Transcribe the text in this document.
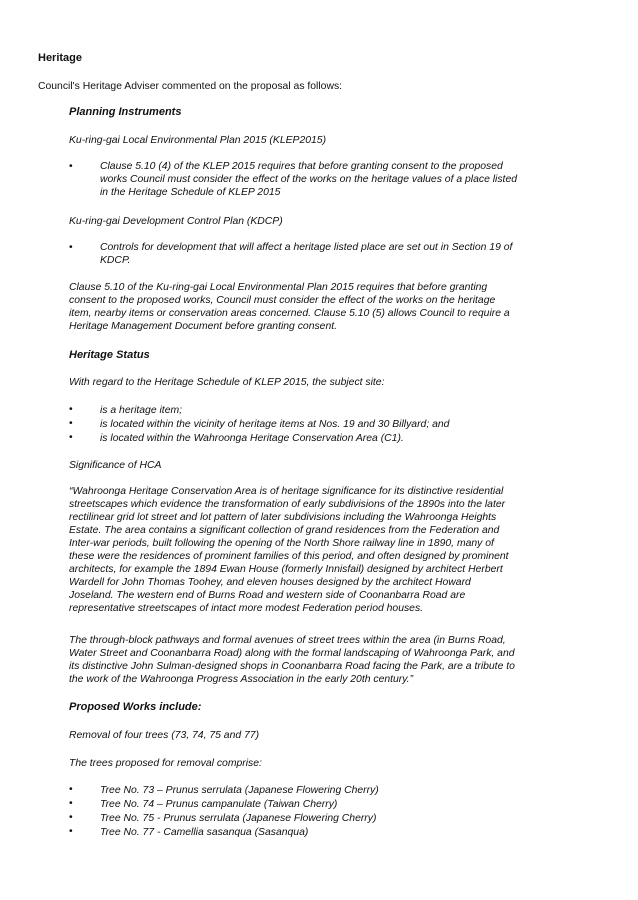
Heritage
Council's Heritage Adviser commented on the proposal as follows:
Planning Instruments
Ku-ring-gai Local Environmental Plan 2015 (KLEP2015)
•	Clause 5.10 (4) of the KLEP 2015 requires that before granting consent to the proposed
works Council must consider the effect of the works on the heritage values of a place listed
in the Heritage Schedule of KLEP 2015
Ku-ring-gai Development Control Plan (KDCP)
•	Controls for development that will affect a heritage listed place are set out in Section 19 of
KDCP.
Clause 5.10 of the Ku-ring-gai Local Environmental Plan 2015 requires that before granting
consent to the proposed works, Council must consider the effect of the works on the heritage
item, nearby items or conservation areas concerned. Clause 5.10 (5) allows Council to require a
Heritage Management Document before granting consent.
Heritage Status
With regard to the Heritage Schedule of KLEP 2015, the subject site:
•	is a heritage item;
•	is located within the vicinity of heritage items at Nos. 19 and 30 Billyard; and
•	is located within the Wahroonga Heritage Conservation Area (C1).
Significance of HCA
“Wahroonga Heritage Conservation Area is of heritage significance for its distinctive residential
streetscapes which evidence the transformation of early subdivisions of the 1890s into the later
rectilinear grid lot street and lot pattern of later subdivisions including the Wahroonga Heights
Estate. The area contains a significant collection of grand residences from the Federation and
Inter-war periods, built following the opening of the North Shore railway line in 1890, many of
these were the residences of prominent families of this period, and often designed by prominent
architects, for example the 1894 Ewan House (formerly Innisfail) designed by architect Herbert
Wardell for John Thomas Toohey, and eleven houses designed by the architect Howard
Joseland. The western end of Burns Road and western side of Coonanbarra Road are
representative streetscapes of intact more modest Federation period houses.
The through-block pathways and formal avenues of street trees within the area (in Burns Road,
Water Street and Coonanbarra Road) along with the formal landscaping of Wahroonga Park, and
its distinctive John Sulman-designed shops in Coonanbarra Road facing the Park, are a tribute to
the work of the Wahroonga Progress Association in the early 20th century.”
Proposed Works include:
Removal of four trees (73, 74, 75 and 77)
The trees proposed for removal comprise:
•	Tree No. 73 – Prunus serrulata (Japanese Flowering Cherry)
•	Tree No. 74 – Prunus campanulate (Taiwan Cherry)
•	Tree No. 75 - Prunus serrulata (Japanese Flowering Cherry)
•	Tree No. 77 - Camellia sasanqua (Sasanqua)
